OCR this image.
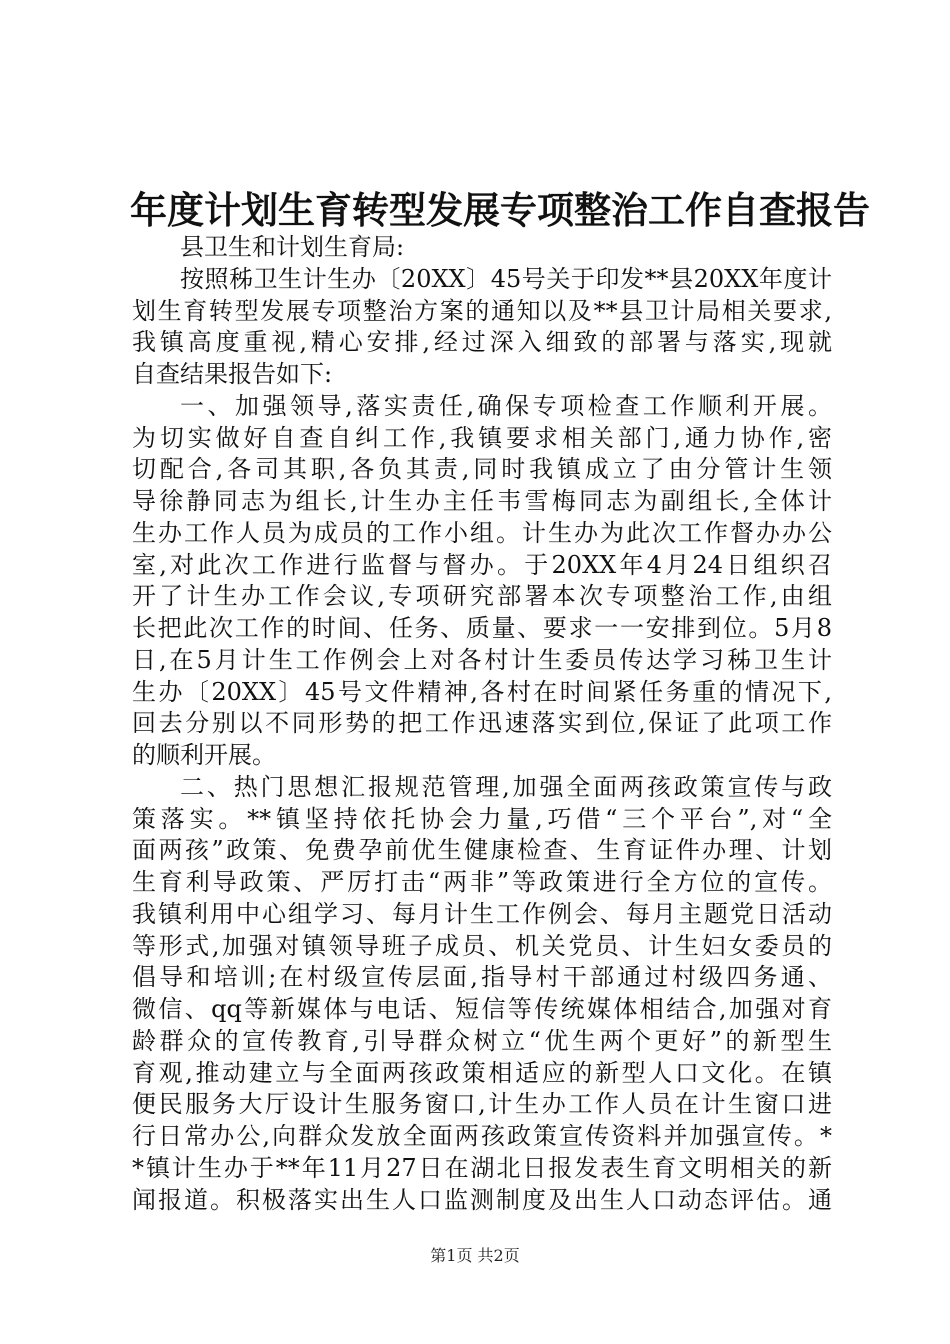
年度计划生育转型发展专项整治工作自查报告
县卫生和计划生育局:
按照秭卫生计生办〔20XX〕45号关于印发**县20XX年度计
划生育转型发展专项整治方案的通知以及**县卫计局相关要求,
我镇高度重视,精心安排,经过深入细致的部署与落实,现就
自查结果报告如下:
一、加强领导,落实责任,确保专项检查工作顺利开展。
为切实做好自查自纠工作,我镇要求相关部门,通力协作,密
切配合,各司其职,各负其责,同时我镇成立了由分管计生领
导徐静同志为组长,计生办主任韦雪梅同志为副组长,全体计
生办工作人员为成员的工作小组。计生办为此次工作督办办公
室,对此次工作进行监督与督办。于20XX年4月24日组织召
开了计生办工作会议,专项研究部署本次专项整治工作,由组
长把此次工作的时间、任务、质量、要求一一安排到位。5月8
日,在5月计生工作例会上对各村计生委员传达学习秭卫生计
生办〔20XX〕45号文件精神,各村在时间紧任务重的情况下,
回去分别以不同形势的把工作迅速落实到位,保证了此项工作
的顺利开展。
二、热门思想汇报规范管理,加强全面两孩政策宣传与政
策落实。**镇坚持依托协会力量,巧借“三个平台”,对“全
面两孩”政策、免费孕前优生健康检查、生育证件办理、计划
生育利导政策、严厉打击“两非”等政策进行全方位的宣传。
我镇利用中心组学习、每月计生工作例会、每月主题党日活动
等形式,加强对镇领导班子成员、机关党员、计生妇女委员的
倡导和培训;在村级宣传层面,指导村干部通过村级四务通、
微信、qq等新媒体与电话、短信等传统媒体相结合,加强对育
龄群众的宣传教育,引导群众树立“优生两个更好”的新型生
育观,推动建立与全面两孩政策相适应的新型人口文化。在镇
便民服务大厅设计生服务窗口,计生办工作人员在计生窗口进
行日常办公,向群众发放全面两孩政策宣传资料并加强宣传。*
*镇计生办于**年11月27日在湖北日报发表生育文明相关的新
闻报道。积极落实出生人口监测制度及出生人口动态评估。通
第1页 共2页
